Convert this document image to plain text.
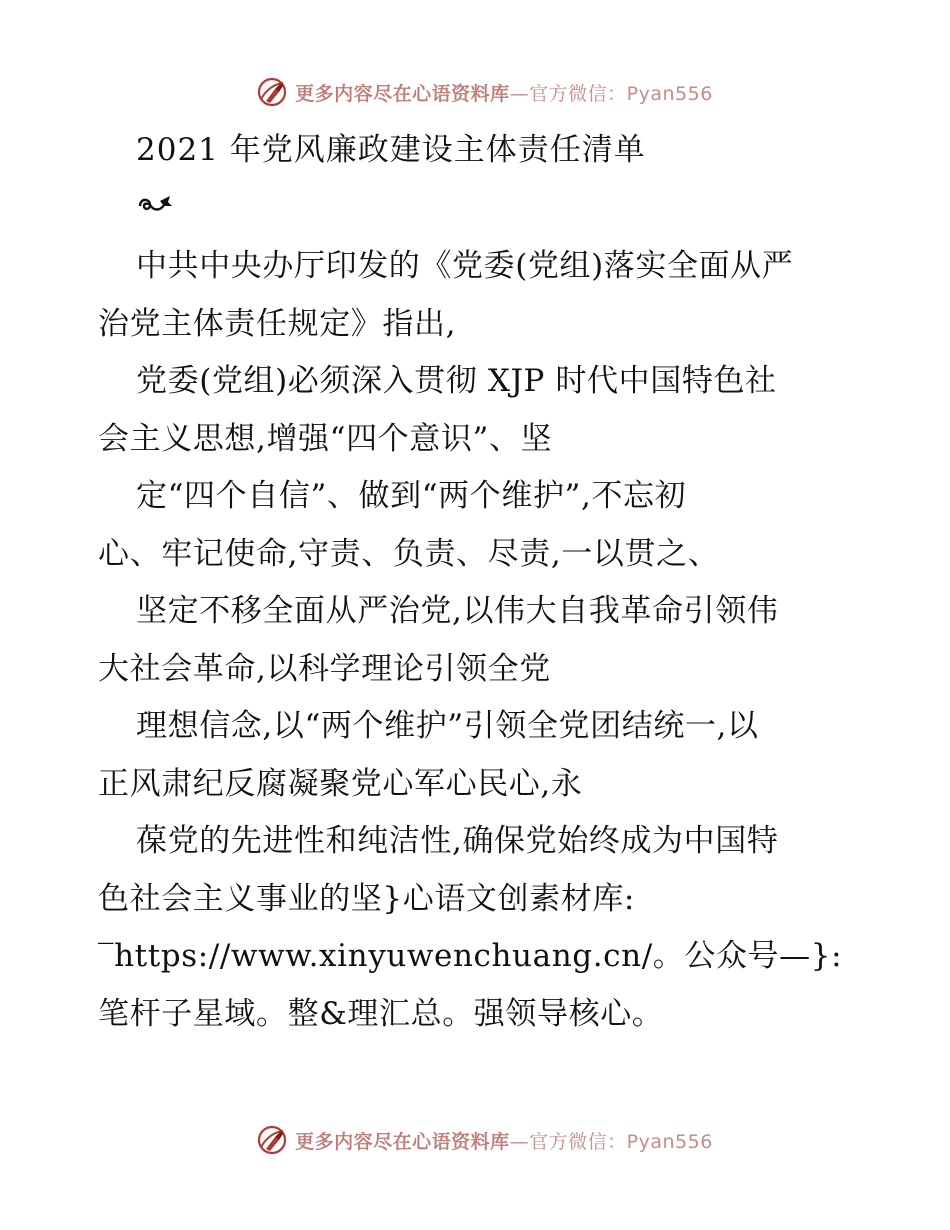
更多内容尽在心语资料库—官方微信：Pyan556
2021 年党风廉政建设主体责任清单
中共中央办厅印发的《党委(党组)落实全面从严
治党主体责任规定》指出,
党委(党组)必须深入贯彻 XJP 时代中国特色社
会主义思想,增强“四个意识”、坚
定“四个自信”、做到“两个维护”,不忘初
心、牢记使命,守责、负责、尽责,一以贯之、
坚定不移全面从严治党,以伟大自我革命引领伟
大社会革命,以科学理论引领全党
理想信念,以“两个维护”引领全党团结统一,以
正风肃纪反腐凝聚党心军心民心,永
葆党的先进性和纯洁性,确保党始终成为中国特
色社会主义事业的坚}心语文创素材库:
‾https://www.xinyuwenchuang.cn/。公众号—}:
笔杆子星域。整&理汇总。强领导核心。
更多内容尽在心语资料库—官方微信：Pyan556
